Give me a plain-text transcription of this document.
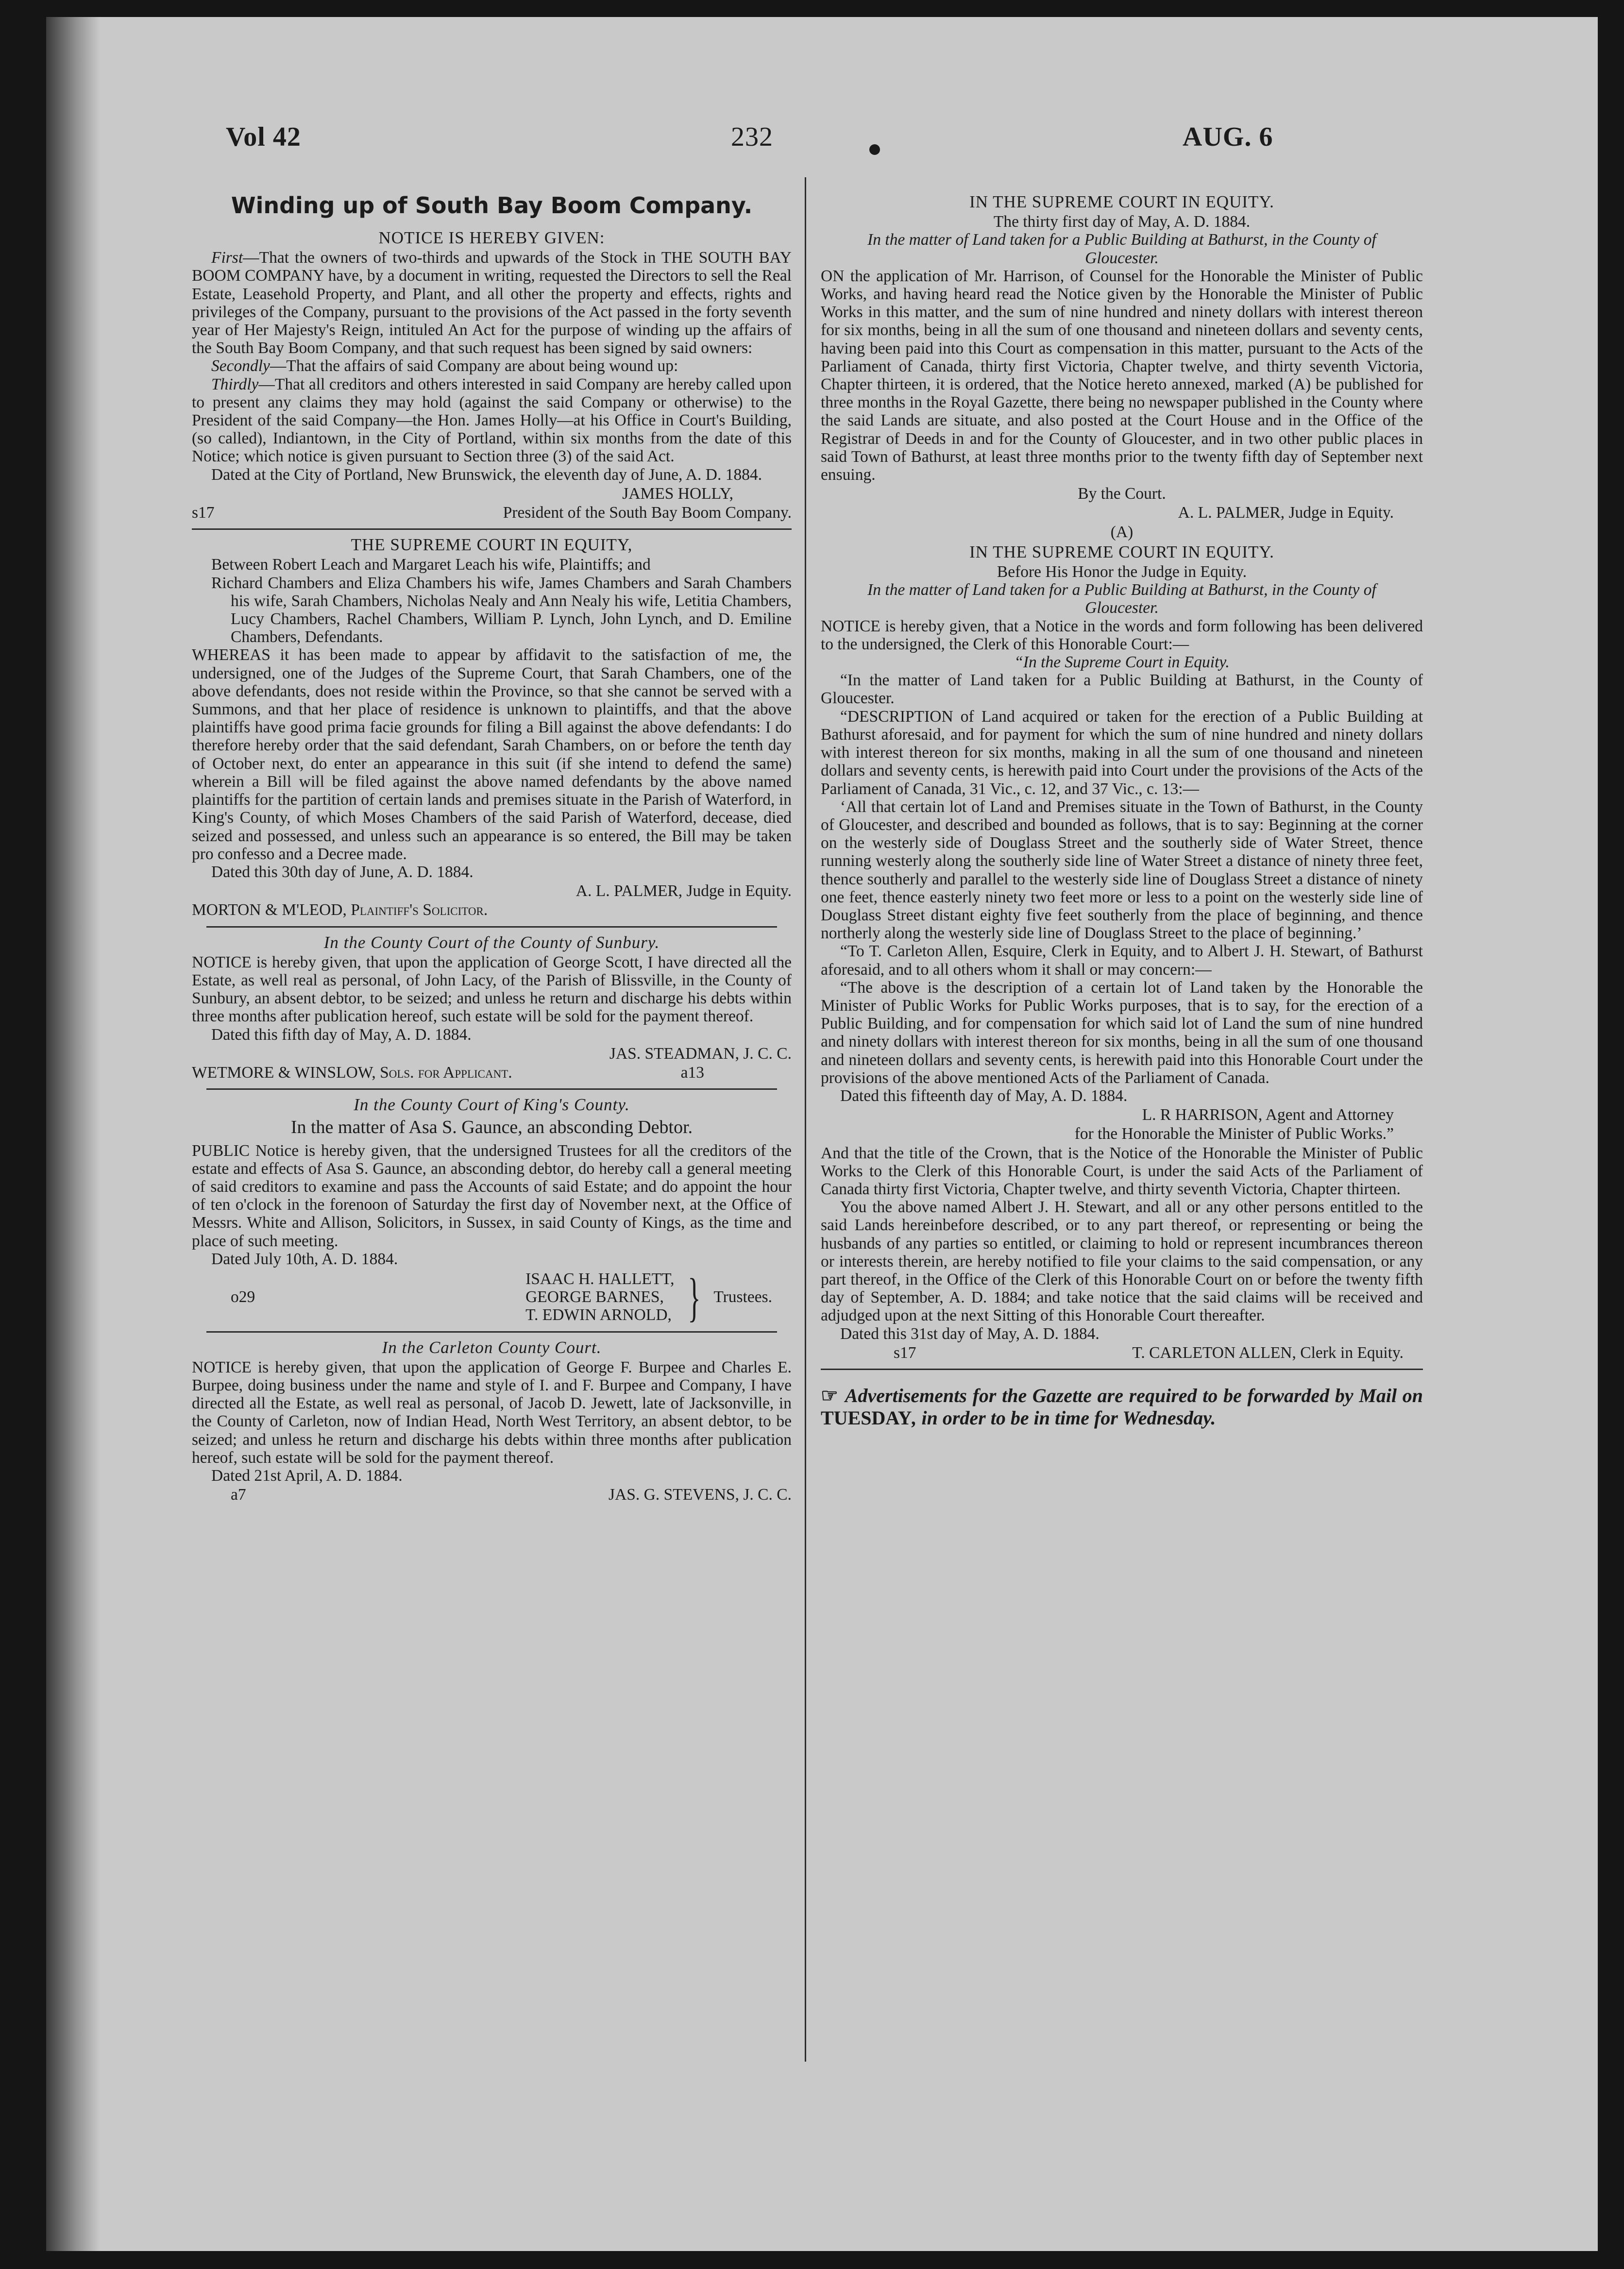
Vol 42	232	AUG. 6
Winding up of South Bay Boom Company.
NOTICE IS HEREBY GIVEN:

First—That the owners of two-thirds and upwards of the Stock in THE SOUTH BAY BOOM COMPANY have, by a document in writing, requested the Directors to sell the Real Estate, Leasehold Property, and Plant, and all other the property and effects, rights and privileges of the Company, pursuant to the provisions of the Act passed in the forty seventh year of Her Majesty's Reign, intituled An Act for the purpose of winding up the affairs of the South Bay Boom Company, and that such request has been signed by said owners:

Secondly—That the affairs of said Company are about being wound up:

Thirdly—That all creditors and others interested in said Company are hereby called upon to present any claims they may hold (against the said Company or otherwise) to the President of the said Company—the Hon. James Holly—at his Office in Court's Building, (so called), Indiantown, in the City of Portland, within six months from the date of this Notice; which notice is given pursuant to Section three (3) of the said Act.

Dated at the City of Portland, New Brunswick, the eleventh day of June, A. D. 1884.

JAMES HOLLY,
s17	President of the South Bay Boom Company.
THE SUPREME COURT IN EQUITY,

Between Robert Leach and Margaret Leach his wife, Plaintiffs; and

Richard Chambers and Eliza Chambers his wife, James Chambers and Sarah Chambers his wife, Sarah Chambers, Nicholas Nealy and Ann Nealy his wife, Letitia Chambers, Lucy Chambers, Rachel Chambers, William P. Lynch, John Lynch, and D. Emiline Chambers, Defendants.

WHEREAS it has been made to appear by affidavit to the satisfaction of me, the undersigned, one of the Judges of the Supreme Court, that Sarah Chambers, one of the above defendants, does not reside within the Province, so that she cannot be served with a Summons, and that her place of residence is unknown to plaintiffs, and that the above plaintiffs have good prima facie grounds for filing a Bill against the above defendants: I do therefore hereby order that the said defendant, Sarah Chambers, on or before the tenth day of October next, do enter an appearance in this suit (if she intend to defend the same) wherein a Bill will be filed against the above named defendants by the above named plaintiffs for the partition of certain lands and premises situate in the Parish of Waterford, in King's County, of which Moses Chambers of the said Parish of Waterford, decease, died seized and possessed, and unless such an appearance is so entered, the Bill may be taken pro confesso and a Decree made.

Dated this 30th day of June, A. D. 1884.

A. L. PALMER, Judge in Equity.
MORTON & M'LEOD, Plaintiff's Solicitor.
In the County Court of the County of Sunbury.

NOTICE is hereby given, that upon the application of George Scott, I have directed all the Estate, as well real as personal, of John Lacy, of the Parish of Blissville, in the County of Sunbury, an absent debtor, to be seized; and unless he return and discharge his debts within three months after publication hereof, such estate will be sold for the payment thereof.

Dated this fifth day of May, A. D. 1884.

JAS. STEADMAN, J. C. C.
WETMORE & WINSLOW, Sols. for Applicant.	a13
In the County Court of King's County.
In the matter of Asa S. Gaunce, an absconding Debtor.

PUBLIC Notice is hereby given, that the undersigned Trustees for all the creditors of the estate and effects of Asa S. Gaunce, an absconding debtor, do hereby call a general meeting of said creditors to examine and pass the Accounts of said Estate; and do appoint the hour of ten o'clock in the forenoon of Saturday the first day of November next, at the Office of Messrs. White and Allison, Solicitors, in Sussex, in said County of Kings, as the time and place of such meeting.

Dated July 10th, A. D. 1884.

o29
ISAAC H. HALLETT,
GEORGE BARNES,
T. EDWIN ARNOLD, } Trustees.
In the Carleton County Court.

NOTICE is hereby given, that upon the application of George F. Burpee and Charles E. Burpee, doing business under the name and style of I. and F. Burpee and Company, I have directed all the Estate, as well real as personal, of Jacob D. Jewett, late of Jacksonville, in the County of Carleton, now of Indian Head, North West Territory, an absent debtor, to be seized; and unless he return and discharge his debts within three months after publication hereof, such estate will be sold for the payment thereof.

Dated 21st April, A. D. 1884.

a7	JAS. G. STEVENS, J. C. C.
IN THE SUPREME COURT IN EQUITY.
The thirty first day of May, A. D. 1884.
In the matter of Land taken for a Public Building at Bathurst, in the County of Gloucester.

ON the application of Mr. Harrison, of Counsel for the Honorable the Minister of Public Works, and having heard read the Notice given by the Honorable the Minister of Public Works in this matter, and the sum of nine hundred and ninety dollars with interest thereon for six months, being in all the sum of one thousand and nineteen dollars and seventy cents, having been paid into this Court as compensation in this matter, pursuant to the Acts of the Parliament of Canada, thirty first Victoria, Chapter twelve, and thirty seventh Victoria, Chapter thirteen, it is ordered, that the Notice hereto annexed, marked (A) be published for three months in the Royal Gazette, there being no newspaper published in the County where the said Lands are situate, and also posted at the Court House and in the Office of the Registrar of Deeds in and for the County of Gloucester, and in two other public places in said Town of Bathurst, at least three months prior to the twenty fifth day of September next ensuing.

By the Court.
A. L. PALMER, Judge in Equity.
(A)
IN THE SUPREME COURT IN EQUITY.
Before His Honor the Judge in Equity.
In the matter of Land taken for a Public Building at Bathurst, in the County of Gloucester.

NOTICE is hereby given, that a Notice in the words and form following has been delivered to the undersigned, the Clerk of this Honorable Court:—

“In the Supreme Court in Equity.

“In the matter of Land taken for a Public Building at Bathurst, in the County of Gloucester.

“DESCRIPTION of Land acquired or taken for the erection of a Public Building at Bathurst aforesaid, and for payment for which the sum of nine hundred and ninety dollars with interest thereon for six months, making in all the sum of one thousand and nineteen dollars and seventy cents, is herewith paid into Court under the provisions of the Acts of the Parliament of Canada, 31 Vic., c. 12, and 37 Vic., c. 13:—

‘All that certain lot of Land and Premises situate in the Town of Bathurst, in the County of Gloucester, and described and bounded as follows, that is to say: Beginning at the corner on the westerly side of Douglass Street and the southerly side of Water Street, thence running westerly along the southerly side line of Water Street a distance of ninety three feet, thence southerly and parallel to the westerly side line of Douglass Street a distance of ninety one feet, thence easterly ninety two feet more or less to a point on the westerly side line of Douglass Street distant eighty five feet southerly from the place of beginning, and thence northerly along the westerly side line of Douglass Street to the place of beginning.’

“To T. Carleton Allen, Esquire, Clerk in Equity, and to Albert J. H. Stewart, of Bathurst aforesaid, and to all others whom it shall or may concern:—

“The above is the description of a certain lot of Land taken by the Honorable the Minister of Public Works for Public Works purposes, that is to say, for the erection of a Public Building, and for compensation for which said lot of Land the sum of nine hundred and ninety dollars with interest thereon for six months, being in all the sum of one thousand and nineteen dollars and seventy cents, is herewith paid into this Honorable Court under the provisions of the above mentioned Acts of the Parliament of Canada.

Dated this fifteenth day of May, A. D. 1884.

L. R HARRISON, Agent and Attorney
for the Honorable the Minister of Public Works.”

And that the title of the Crown, that is the Notice of the Honorable the Minister of Public Works to the Clerk of this Honorable Court, is under the said Acts of the Parliament of Canada thirty first Victoria, Chapter twelve, and thirty seventh Victoria, Chapter thirteen.

You the above named Albert J. H. Stewart, and all or any other persons entitled to the said Lands hereinbefore described, or to any part thereof, or representing or being the husbands of any parties so entitled, or claiming to hold or represent incumbrances thereon or interests therein, are hereby notified to file your claims to the said compensation, or any part thereof, in the Office of the Clerk of this Honorable Court on or before the twenty fifth day of September, A. D. 1884; and take notice that the said claims will be received and adjudged upon at the next Sitting of this Honorable Court thereafter.

Dated this 31st day of May, A. D. 1884.

s17	T. CARLETON ALLEN, Clerk in Equity.
☞ Advertisements for the Gazette are required to be forwarded by Mail on TUESDAY, in order to be in time for Wednesday.
